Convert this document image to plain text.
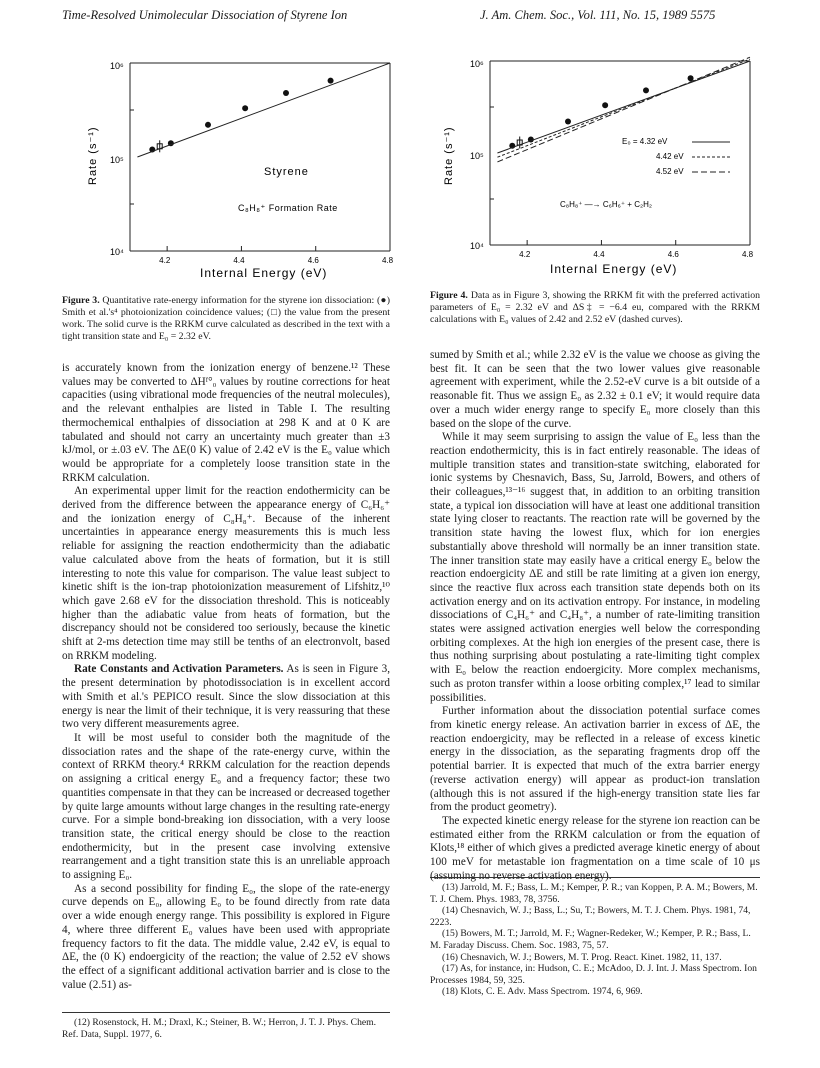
Time-Resolved Unimolecular Dissociation of Styrene Ion	J. Am. Chem. Soc., Vol. 111, No. 15, 1989 5575
10⁶
10⁵
10⁴
Rate (s⁻¹)
Internal Energy (eV)
Styrene
C₈H₈⁺ Formation Rate
4.2	4.4	4.6	4.8
Figure 3. Quantitative rate-energy information for the styrene ion dissociation: (●) Smith et al.'s⁴ photoionization coincidence values; (□) the value from the present work. The solid curve is the RRKM curve calculated as described in the text with a tight transition state and E₀ = 2.32 eV.
10⁶
10⁵
10⁴
Rate (s⁻¹)
Internal Energy (eV)
E₀ = 4.32 eV
4.42 eV
4.52 eV
C₈H₈⁺ —→ C₆H₆⁺ + C₂H₂
4.2	4.4	4.6	4.8
Figure 4. Data as in Figure 3, showing the RRKM fit with the preferred activation parameters of E₀ = 2.32 eV and ΔS‡ = −6.4 eu, compared with the RRKM calculations with E₀ values of 2.42 and 2.52 eV (dashed curves).

is accurately known from the ionization energy of benzene.¹² These values may be converted to ΔHᶠ°₀ values by routine corrections for heat capacities (using vibrational mode frequencies of the neutral molecules), and the relevant enthalpies are listed in Table I. The resulting thermochemical enthalpies of dissociation at 298 K and at 0 K are tabulated and should not carry an uncertainty much greater than ±3 kJ/mol, or ±.03 eV. The ΔE(0 K) value of 2.42 eV is the E₀ value which would be appropriate for a completely loose transition state in the RRKM calculation.

An experimental upper limit for the reaction endothermicity can be derived from the difference between the appearance energy of C₆H₆⁺ and the ionization energy of C₈H₈⁺. Because of the inherent uncertainties in appearance energy measurements this is much less reliable for assigning the reaction endothermicity than the adiabatic value calculated above from the heats of formation, but it is still interesting to note this value for comparison. The value least subject to kinetic shift is the ion-trap photoionization measurement of Lifshitz,¹⁰ which gave 2.68 eV for the dissociation threshold. This is noticeably higher than the adiabatic value from heats of formation, but the discrepancy should not be considered too seriously, because the kinetic shift at 2-ms detection time may still be tenths of an electronvolt, based on RRKM modeling.

Rate Constants and Activation Parameters. As is seen in Figure 3, the present determination by photodissociation is in excellent accord with Smith et al.'s PEPICO result. Since the slow dissociation at this energy is near the limit of their technique, it is very reassuring that these two very different measurements agree.

It will be most useful to consider both the magnitude of the dissociation rates and the shape of the rate-energy curve, within the context of RRKM theory.⁴ RRKM calculation for the reaction depends on assigning a critical energy E₀ and a frequency factor; these two quantities compensate in that they can be increased or decreased together by quite large amounts without large changes in the resulting rate-energy curve. For a simple bond-breaking ion dissociation, with a very loose transition state, the critical energy should be close to the reaction endothermicity, but in the present case involving extensive rearrangement and a tight transition state this is an unreliable approach to assigning E₀.

As a second possibility for finding E₀, the slope of the rate-energy curve depends on E₀, allowing E₀ to be found directly from rate data over a wide enough energy range. This possibility is explored in Figure 4, where three different E₀ values have been used with appropriate frequency factors to fit the data. The middle value, 2.42 eV, is equal to ΔE, the (0 K) endoergicity of the reaction; the value of 2.52 eV shows the effect of a significant additional activation barrier and is close to the value (2.51) as-

(12) Rosenstock, H. M.; Draxl, K.; Steiner, B. W.; Herron, J. T. J. Phys. Chem. Ref. Data, Suppl. 1977, 6.

sumed by Smith et al.; while 2.32 eV is the value we choose as giving the best fit. It can be seen that the two lower values give reasonable agreement with experiment, while the 2.52-eV curve is a bit outside of a reasonable fit. Thus we assign E₀ as 2.32 ± 0.1 eV; it would require data over a much wider energy range to specify E₀ more closely than this based on the slope of the curve.

While it may seem surprising to assign the value of E₀ less than the reaction endothermicity, this is in fact entirely reasonable. The ideas of multiple transition states and transition-state switching, elaborated for ionic systems by Chesnavich, Bass, Su, Jarrold, Bowers, and others of their colleagues,¹³⁻¹⁶ suggest that, in addition to an orbiting transition state, a typical ion dissociation will have at least one additional transition state lying closer to reactants. The reaction rate will be governed by the transition state having the lowest flux, which for ion energies substantially above threshold will normally be an inner transition state. The inner transition state may easily have a critical energy E₀ below the reaction endoergicity ΔE and still be rate limiting at a given ion energy, since the reactive flux across each transition state depends both on its activation energy and on its activation entropy. For instance, in modeling dissociations of C₄H₆⁺ and C₄H₈⁺, a number of rate-limiting transition states were assigned activation energies well below the corresponding orbiting complexes. At the high ion energies of the present case, there is thus nothing surprising about postulating a rate-limiting tight complex with E₀ below the reaction endoergicity. More complex mechanisms, such as proton transfer within a loose orbiting complex,¹⁷ lead to similar possibilities.

Further information about the dissociation potential surface comes from kinetic energy release. An activation barrier in excess of ΔE, the reaction endoergicity, may be reflected in a release of excess kinetic energy in the dissociation, as the separating fragments drop off the potential barrier. It is expected that much of the extra barrier energy (reverse activation energy) will appear as product-ion translation (although this is not assured if the high-energy transition state lies far from the product geometry).

The expected kinetic energy release for the styrene ion reaction can be estimated either from the RRKM calculation or from the equation of Klots,¹⁸ either of which gives a predicted average kinetic energy of about 100 meV for metastable ion fragmentation on a time scale of 10 μs (assuming no reverse activation energy).

(13) Jarrold, M. F.; Bass, L. M.; Kemper, P. R.; van Koppen, P. A. M.; Bowers, M. T. J. Chem. Phys. 1983, 78, 3756.
(14) Chesnavich, W. J.; Bass, L.; Su, T.; Bowers, M. T. J. Chem. Phys. 1981, 74, 2223.
(15) Bowers, M. T.; Jarrold, M. F.; Wagner-Redeker, W.; Kemper, P. R.; Bass, L. M. Faraday Discuss. Chem. Soc. 1983, 75, 57.
(16) Chesnavich, W. J.; Bowers, M. T. Prog. React. Kinet. 1982, 11, 137.
(17) As, for instance, in: Hudson, C. E.; McAdoo, D. J. Int. J. Mass Spectrom. Ion Processes 1984, 59, 325.
(18) Klots, C. E. Adv. Mass Spectrom. 1974, 6, 969.
